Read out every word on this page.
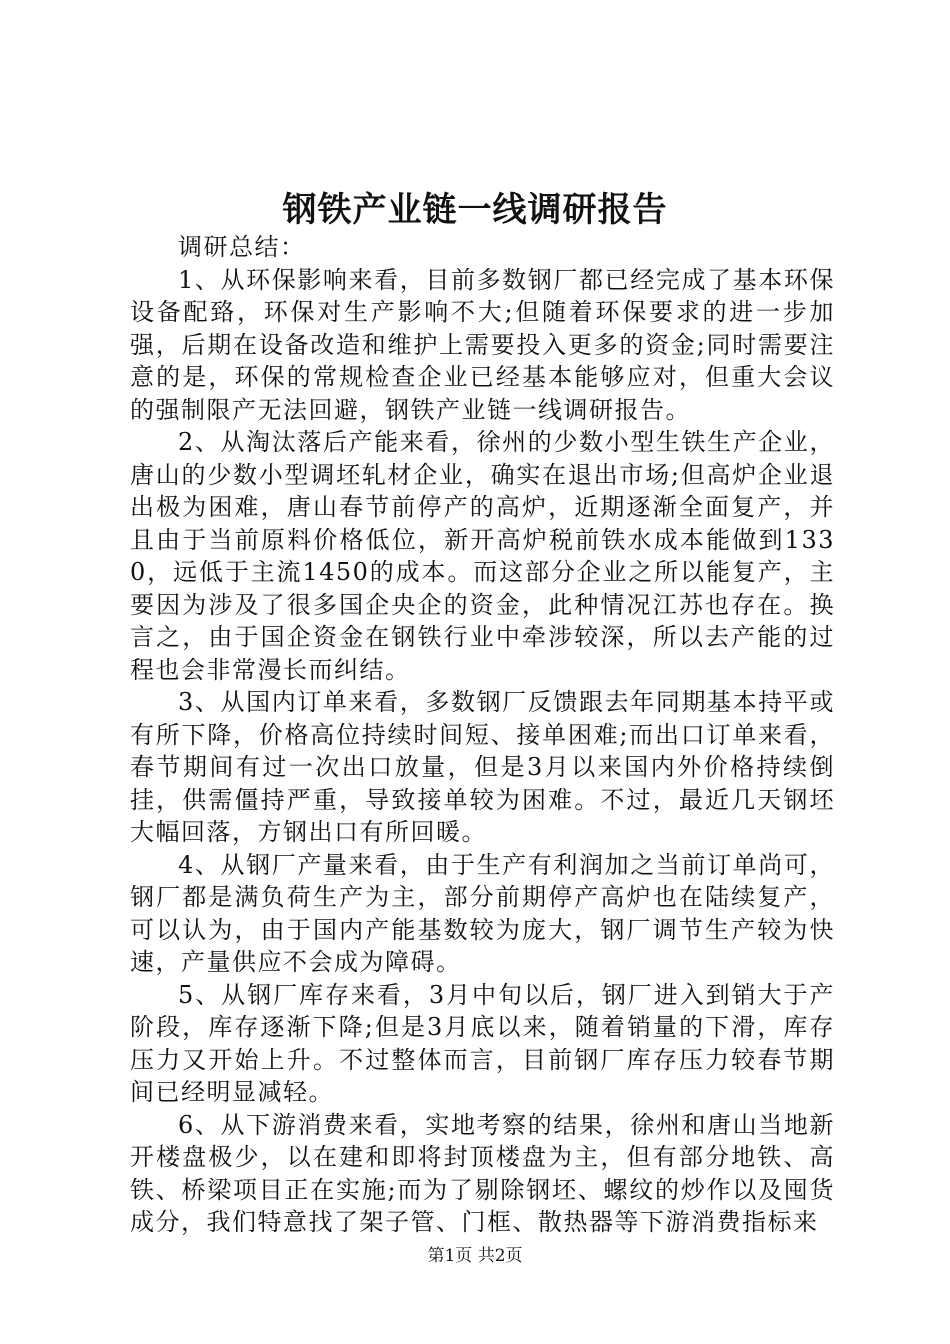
钢铁产业链一线调研报告

调研总结：

1、从环保影响来看，目前多数钢厂都已经完成了基本环保设备配臵，环保对生产影响不大;但随着环保要求的进一步加强，后期在设备改造和维护上需要投入更多的资金;同时需要注意的是，环保的常规检查企业已经基本能够应对，但重大会议的强制限产无法回避，钢铁产业链一线调研报告。

2、从淘汰落后产能来看，徐州的少数小型生铁生产企业，唐山的少数小型调坯轧材企业，确实在退出市场;但高炉企业退出极为困难，唐山春节前停产的高炉，近期逐渐全面复产，并且由于当前原料价格低位，新开高炉税前铁水成本能做到1330，远低于主流1450的成本。而这部分企业之所以能复产，主要因为涉及了很多国企央企的资金，此种情况江苏也存在。换言之，由于国企资金在钢铁行业中牵涉较深，所以去产能的过程也会非常漫长而纠结。

3、从国内订单来看，多数钢厂反馈跟去年同期基本持平或有所下降，价格高位持续时间短、接单困难;而出口订单来看，春节期间有过一次出口放量，但是3月以来国内外价格持续倒挂，供需僵持严重，导致接单较为困难。不过，最近几天钢坯大幅回落，方钢出口有所回暖。

4、从钢厂产量来看，由于生产有利润加之当前订单尚可，钢厂都是满负荷生产为主，部分前期停产高炉也在陆续复产，可以认为，由于国内产能基数较为庞大，钢厂调节生产较为快速，产量供应不会成为障碍。

5、从钢厂库存来看，3月中旬以后，钢厂进入到销大于产阶段，库存逐渐下降;但是3月底以来，随着销量的下滑，库存压力又开始上升。不过整体而言，目前钢厂库存压力较春节期间已经明显减轻。

6、从下游消费来看，实地考察的结果，徐州和唐山当地新开楼盘极少，以在建和即将封顶楼盘为主，但有部分地铁、高铁、桥梁项目正在实施;而为了剔除钢坯、螺纹的炒作以及囤货成分，我们特意找了架子管、门框、散热器等下游消费指标来

第1页 共2页
